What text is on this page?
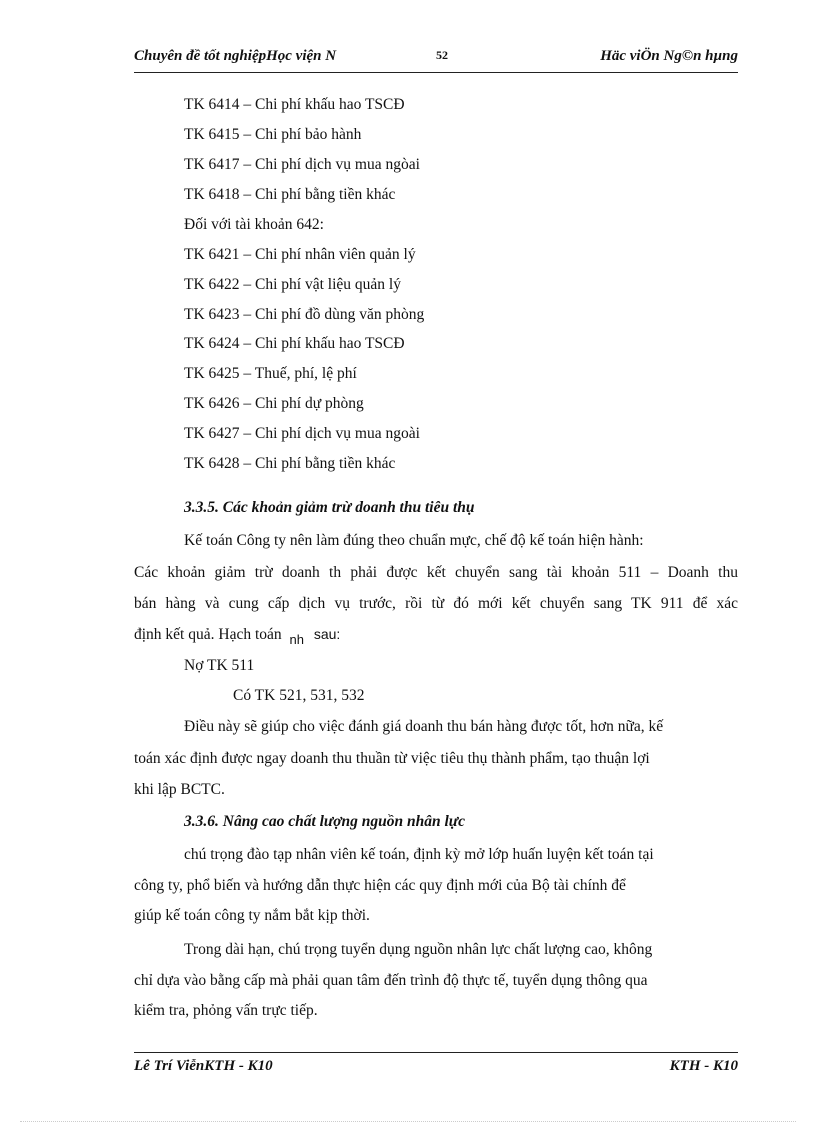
Chuyên đề tốt nghiệpHọc viện N	52	Häc viÖn Ng©n hµng
TK 6414 – Chi phí khấu hao TSCĐ
TK 6415 – Chi phí bảo hành
TK 6417 – Chi phí dịch vụ mua ngòai
TK 6418 – Chi phí bằng tiền khác
Đối với tài khoản 642:
TK 6421 – Chi phí nhân viên quản lý
TK 6422 – Chi phí vật liệu quản lý
TK 6423 – Chi phí đồ dùng văn phòng
TK 6424 – Chi phí khấu hao TSCĐ
TK 6425 – Thuế, phí, lệ phí
TK 6426 – Chi phí dự phòng
TK 6427 – Chi phí dịch vụ mua ngoài
TK 6428 – Chi phí bằng tiền khác
3.3.5. Các khoản giảm trừ doanh thu tiêu thụ
Kế toán Công ty nên làm đúng theo chuẩn mực, chế độ kế toán hiện hành:
Các khoản giảm trừ doanh th phải được kết chuyển sang tài khoản 511 – Doanh thu
bán hàng và cung cấp dịch vụ trước, rồi từ đó mới kết chuyển sang TK 911 để xác
định kết quả. Hạch toán $_{nh}$ sau:
Nợ TK 511
Có TK 521, 531, 532
Điều này sẽ giúp cho việc đánh giá doanh thu bán hàng được tốt, hơn nữa, kế
toán xác định được ngay doanh thu thuần từ việc tiêu thụ thành phẩm, tạo thuận lợi
khi lập BCTC.
3.3.6. Nâng cao chất lượng nguồn nhân lực
chú trọng đào tạp nhân viên kế toán, định kỳ mở lớp huấn luyện kết toán tại
công ty, phổ biến và hướng dẫn thực hiện các quy định mới của Bộ tài chính để
giúp kế toán công ty nắm bắt kịp thời.
Trong dài hạn, chú trọng tuyển dụng nguồn nhân lực chất lượng cao, không
chỉ dựa vào bằng cấp mà phải quan tâm đến trình độ thực tế, tuyển dụng thông qua
kiểm tra, phỏng vấn trực tiếp.
Lê Trí ViễnKTH - K10	KTH - K10
